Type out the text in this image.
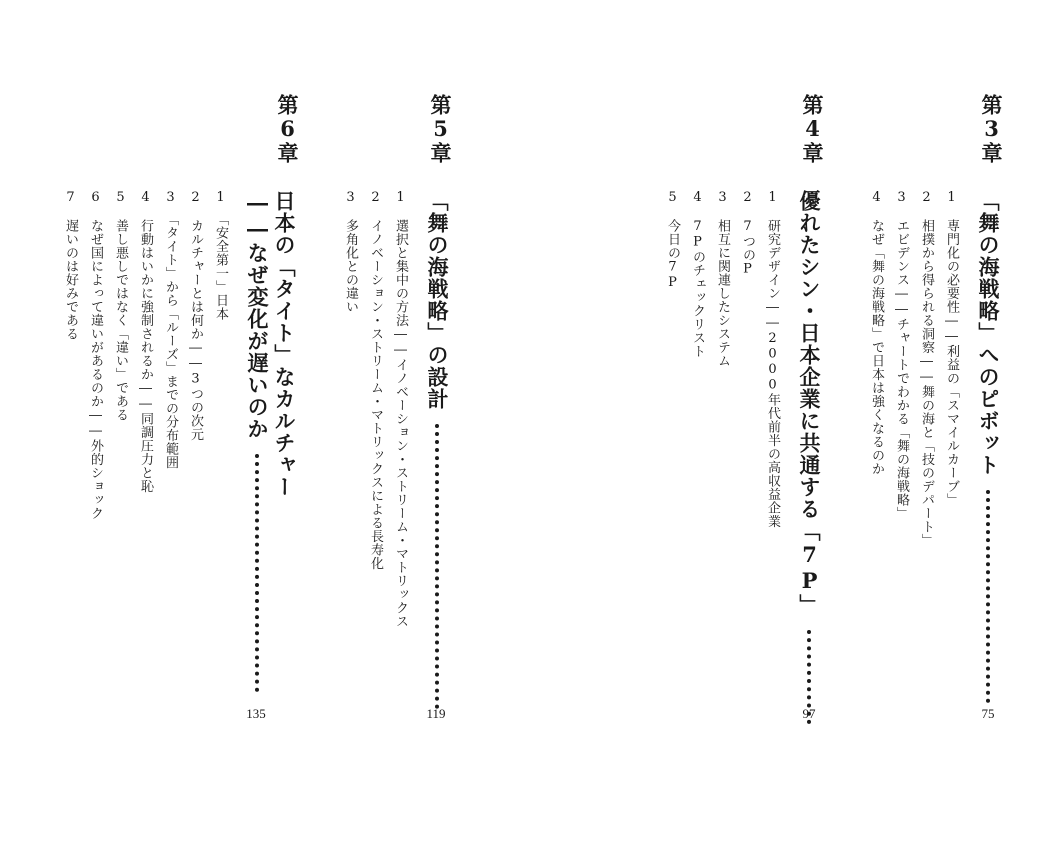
第3章
「舞の海戦略」へのピボット
1　専門化の必要性――利益の「スマイルカーブ」
2　相撲から得られる洞察――舞の海と「技のデパート」
3　エビデンス――チャートでわかる「舞の海戦略」
4　なぜ「舞の海戦略」で日本は強くなるのか
75
第4章
優れたシン・日本企業に共通する「7P」
1　研究デザイン――2000年代前半の高収益企業
2　7つのP
3　相互に関連したシステム
4　7Pのチェックリスト
5　今日の7P
97
第5章
「舞の海戦略」の設計
1　選択と集中の方法――イノベーション・ストリーム・マトリックス
2　イノベーション・ストリーム・マトリックスによる長寿化
3　多角化との違い
119
第6章
日本の「タイト」なカルチャー
――なぜ変化が遅いのか
1　「安全第一」日本
2　カルチャーとは何か――3つの次元
3　「タイト」から「ルーズ」までの分布範囲
4　行動はいかに強制されるか――同調圧力と恥
5　善し悪しではなく「違い」である
6　なぜ国によって違いがあるのか――外的ショック
7　遅いのは好みである
135
